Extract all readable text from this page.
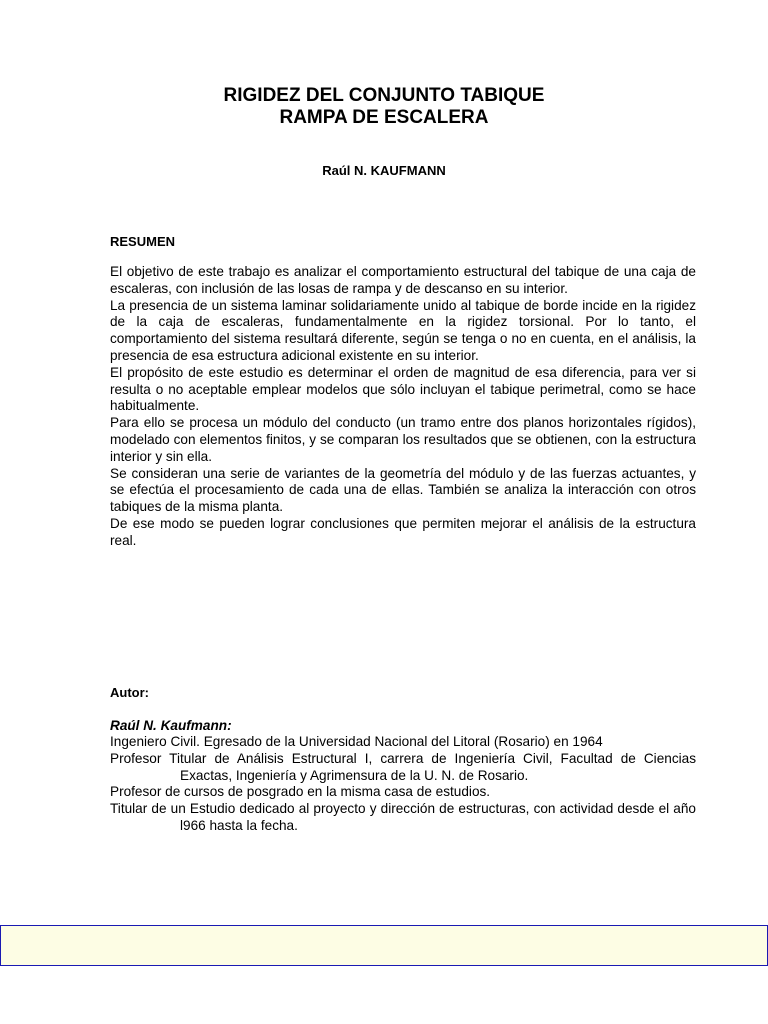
RIGIDEZ DEL CONJUNTO TABIQUE
RAMPA DE ESCALERA
Raúl N. KAUFMANN
RESUMEN

El objetivo de este trabajo es analizar el comportamiento estructural del tabique de una caja de escaleras, con inclusión de las losas de rampa y de descanso en su interior.

La presencia de un sistema laminar solidariamente unido al tabique de borde incide en la rigidez de la caja de escaleras, fundamentalmente en la rigidez torsional. Por lo tanto, el comportamiento del sistema resultará diferente, según se tenga o no en cuenta, en el análisis, la presencia de esa estructura adicional existente en su interior.

El propósito de este estudio es determinar el orden de magnitud de esa diferencia, para ver si resulta o no aceptable emplear modelos que sólo incluyan el tabique perimetral, como se hace habitualmente.

Para ello se procesa un módulo del conducto (un tramo entre dos planos horizontales rígidos), modelado con elementos finitos, y se comparan los resultados que se obtienen, con la estructura interior y sin ella.

Se consideran una serie de variantes de la geometría del módulo y de las fuerzas actuantes, y se efectúa el procesamiento de cada una de ellas. También se analiza la interacción con otros tabiques de la misma planta.

De ese modo se pueden lograr conclusiones que permiten mejorar el análisis de la estructura real.

Autor:
Raúl N. Kaufmann:

Ingeniero Civil. Egresado de la Universidad Nacional del Litoral (Rosario) en 1964

Profesor Titular de Análisis Estructural I, carrera de Ingeniería Civil, Facultad de Ciencias Exactas, Ingeniería y Agrimensura de la U. N. de Rosario.

Profesor de cursos de posgrado en la misma casa de estudios.

Titular de un Estudio dedicado al proyecto y dirección de estructuras, con actividad desde el año l966 hasta la fecha.
